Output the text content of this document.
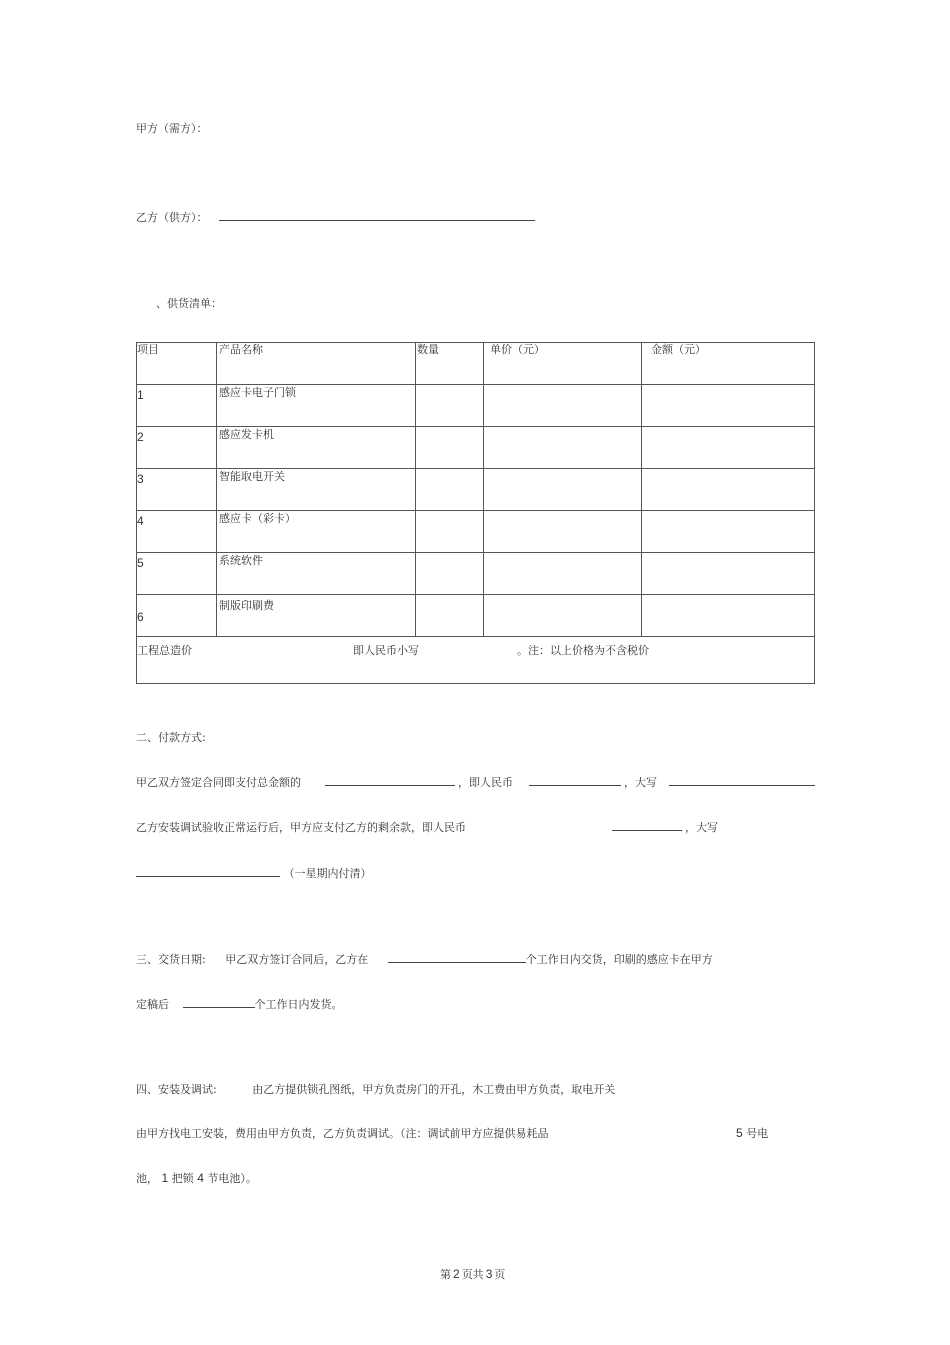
甲方（需方）：
乙方（供方）：
、供货清单：
项目	产品名称	数量	单价（元）	金额（元）

1	感应卡电子门锁			

2	感应发卡机			

3	智能取电开关			

4	感应卡（彩卡）			

5	系统软件			

6	制版印刷费			

工程总造价 即人民币小写 。注：以上价格为不含税价				
二、付款方式:
甲乙双方签定合同即支付总金额的	，即人民币	，大写
乙方安装调试验收正常运行后，甲方应支付乙方的剩余款，即人民币	，大写
（一星期内付清）
三、交货日期: 甲乙双方签订合同后，乙方在	个工作日内交货，印刷的感应卡在甲方
定稿后	个工作日内发货。
四、安装及调试:	由乙方提供锁孔图纸，甲方负责房门的开孔，木工费由甲方负责，取电开关
由甲方找电工安装，费用由甲方负责，乙方负责调试。（注：调试前甲方应提供易耗品	5 号电
池， 1 把锁 4 节电池）。
第 2 页共 3 页
